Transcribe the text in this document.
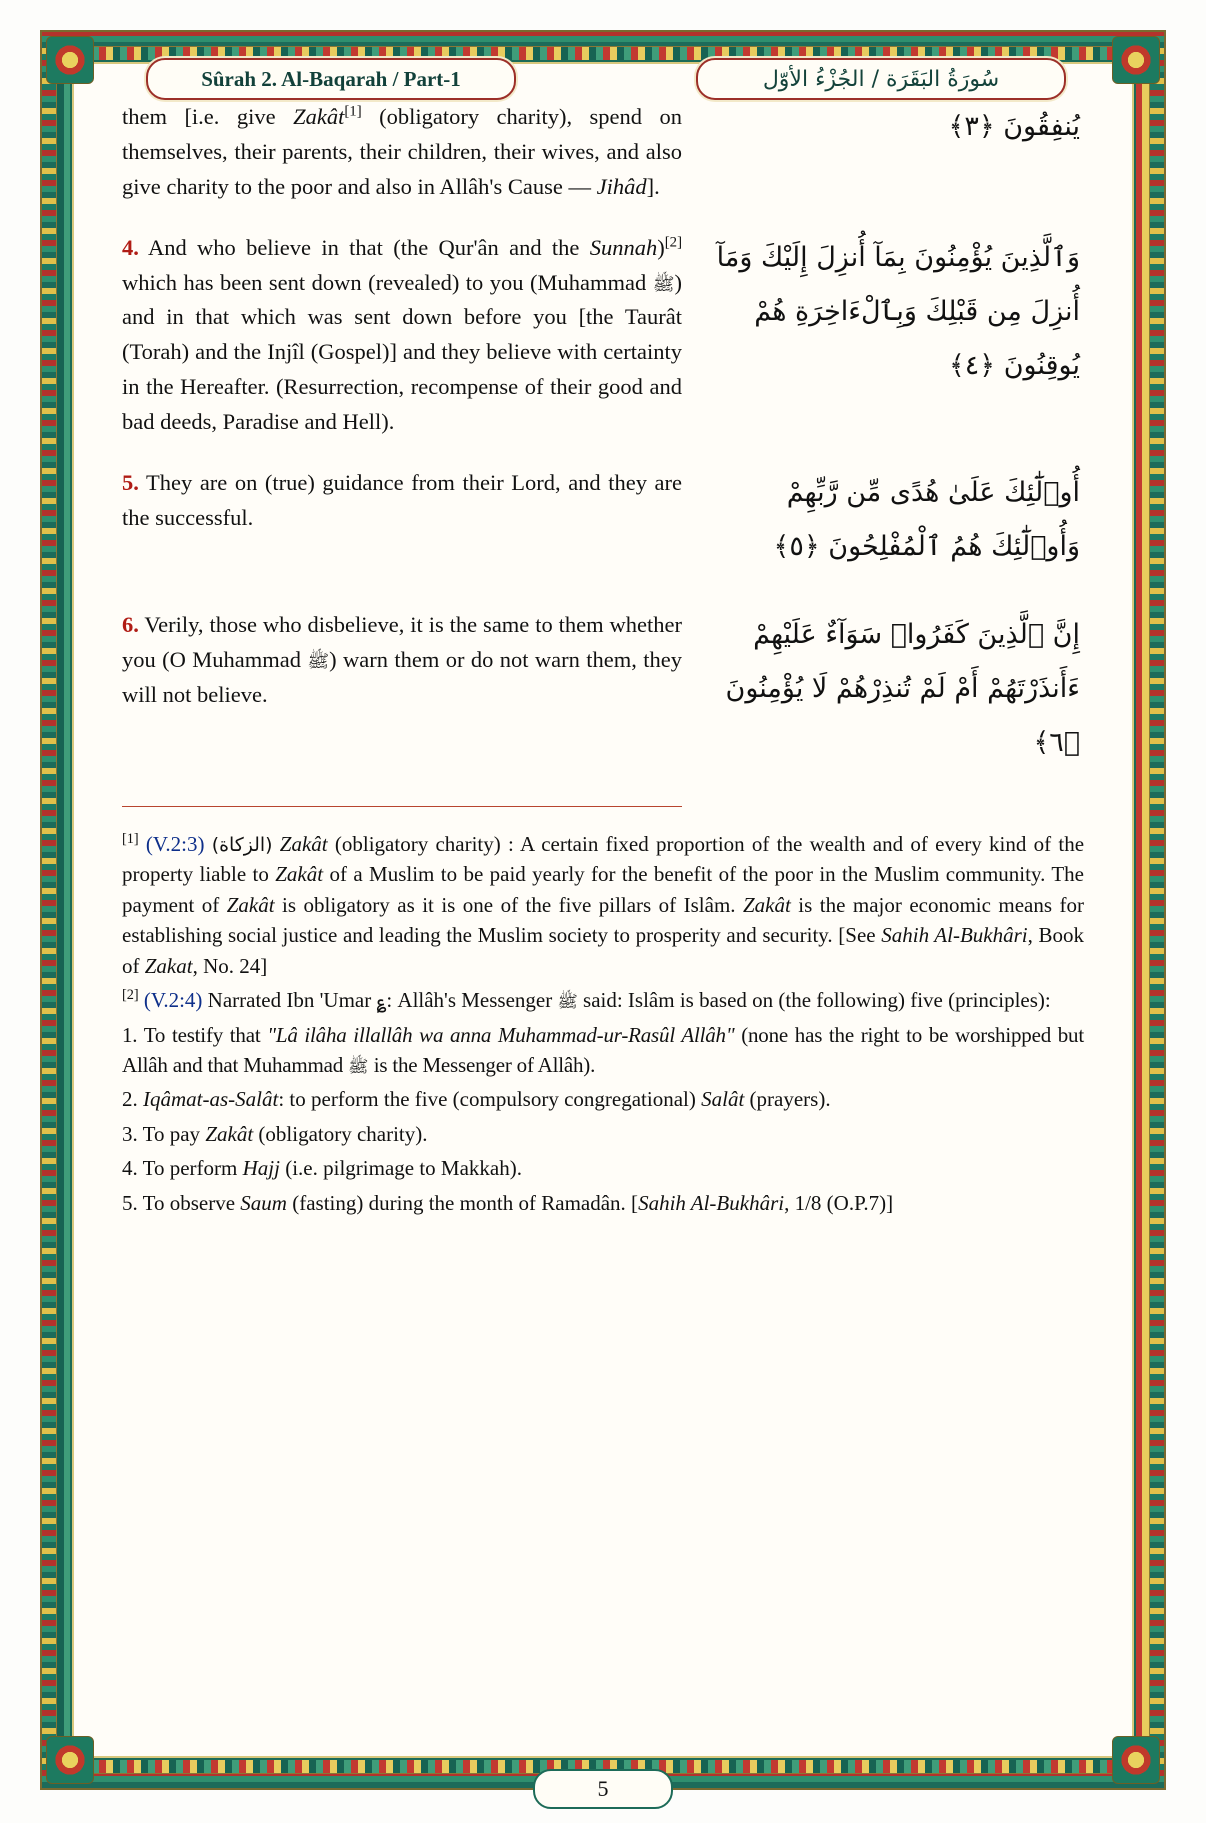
Sûrah 2. Al-Baqarah / Part-1	سُورَةُ البَقَرَة / الجُزْءُ الأوّل
them [i.e. give Zakât[1] (obligatory charity), spend on themselves, their parents, their children, their wives, and also give charity to the poor and also in Allâh's Cause — Jihâd].
يُنفِقُونَ ﴿٣﴾
4. And who believe in that (the Qur'ân and the Sunnah)[2] which has been sent down (revealed) to you (Muhammad ﷺ) and in that which was sent down before you [the Taurât (Torah) and the Injîl (Gospel)] and they believe with certainty in the Hereafter. (Resurrection, recompense of their good and bad deeds, Paradise and Hell).
وَٱلَّذِينَ يُؤْمِنُونَ بِمَآ أُنزِلَ إِلَيْكَ وَمَآ أُنزِلَ مِن قَبْلِكَ وَبِٱلْءَاخِرَةِ هُمْ يُوقِنُونَ ﴿٤﴾
5. They are on (true) guidance from their Lord, and they are the successful.
أُو۟لَٰٓئِكَ عَلَىٰ هُدًى مِّن رَّبِّهِمْ وَأُو۟لَٰٓئِكَ هُمُ ٱلْمُفْلِحُونَ ﴿٥﴾
6. Verily, those who disbelieve, it is the same to them whether you (O Muhammad ﷺ) warn them or do not warn them, they will not believe.
إِنَّ ٱلَّذِينَ كَفَرُوا۟ سَوَآءٌ عَلَيْهِمْ ءَأَنذَرْتَهُمْ أَمْ لَمْ تُنذِرْهُمْ لَا يُؤْمِنُونَ ﴿٦﴾

[1] (V.2:3) (الزكاة) Zakât (obligatory charity) : A certain fixed proportion of the wealth and of every kind of the property liable to Zakât of a Muslim to be paid yearly for the benefit of the poor in the Muslim community. The payment of Zakât is obligatory as it is one of the five pillars of Islâm. Zakât is the major economic means for establishing social justice and leading the Muslim society to prosperity and security. [See Sahih Al-Bukhâri, Book of Zakat, No. 24]

[2] (V.2:4) Narrated Ibn 'Umar ؏: Allâh's Messenger ﷺ said: Islâm is based on (the following) five (principles):

1. To testify that "Lâ ilâha illallâh wa anna Muhammad-ur-Rasûl Allâh" (none has the right to be worshipped but Allâh and that Muhammad ﷺ is the Messenger of Allâh).

2. Iqâmat-as-Salât: to perform the five (compulsory congregational) Salât (prayers).

3. To pay Zakât (obligatory charity).

4. To perform Hajj (i.e. pilgrimage to Makkah).

5. To observe Saum (fasting) during the month of Ramadân. [Sahih Al-Bukhâri, 1/8 (O.P.7)]

5
